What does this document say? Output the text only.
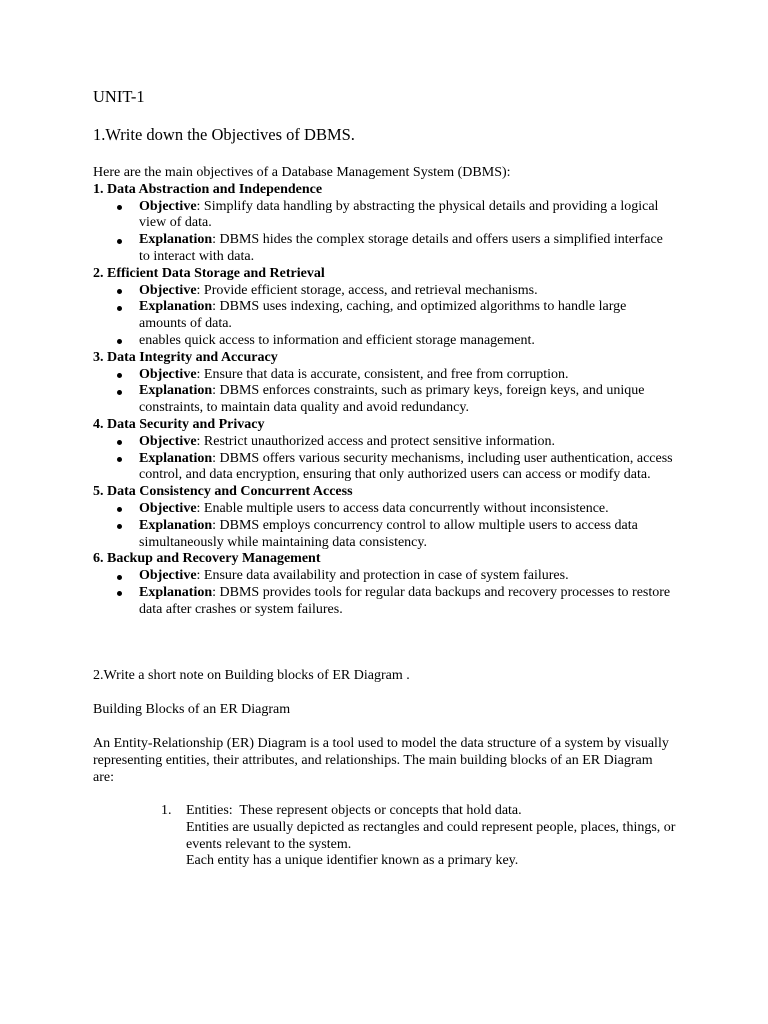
UNIT-1
1.Write down the Objectives of DBMS.
Here are the main objectives of a Database Management System (DBMS):
1. Data Abstraction and Independence
Objective: Simplify data handling by abstracting the physical details and providing a logical view of data.
Explanation: DBMS hides the complex storage details and offers users a simplified interface to interact with data.
2. Efficient Data Storage and Retrieval
Objective: Provide efficient storage, access, and retrieval mechanisms.
Explanation: DBMS uses indexing, caching, and optimized algorithms to handle large amounts of data.
enables quick access to information and efficient storage management.
3. Data Integrity and Accuracy
Objective: Ensure that data is accurate, consistent, and free from corruption.
Explanation: DBMS enforces constraints, such as primary keys, foreign keys, and unique constraints, to maintain data quality and avoid redundancy.
4. Data Security and Privacy
Objective: Restrict unauthorized access and protect sensitive information.
Explanation: DBMS offers various security mechanisms, including user authentication, access control, and data encryption, ensuring that only authorized users can access or modify data.
5. Data Consistency and Concurrent Access
Objective: Enable multiple users to access data concurrently without inconsistence.
Explanation: DBMS employs concurrency control to allow multiple users to access data simultaneously while maintaining data consistency.
6. Backup and Recovery Management
Objective: Ensure data availability and protection in case of system failures.
Explanation: DBMS provides tools for regular data backups and recovery processes to restore data after crashes or system failures.
2.Write a short note on Building blocks of ER Diagram .
Building Blocks of an ER Diagram
An Entity-Relationship (ER) Diagram is a tool used to model the data structure of a system by visually representing entities, their attributes, and relationships. The main building blocks of an ER Diagram are:
1. Entities:  These represent objects or concepts that hold data.
Entities are usually depicted as rectangles and could represent people, places, things, or events relevant to the system.
Each entity has a unique identifier known as a primary key.
